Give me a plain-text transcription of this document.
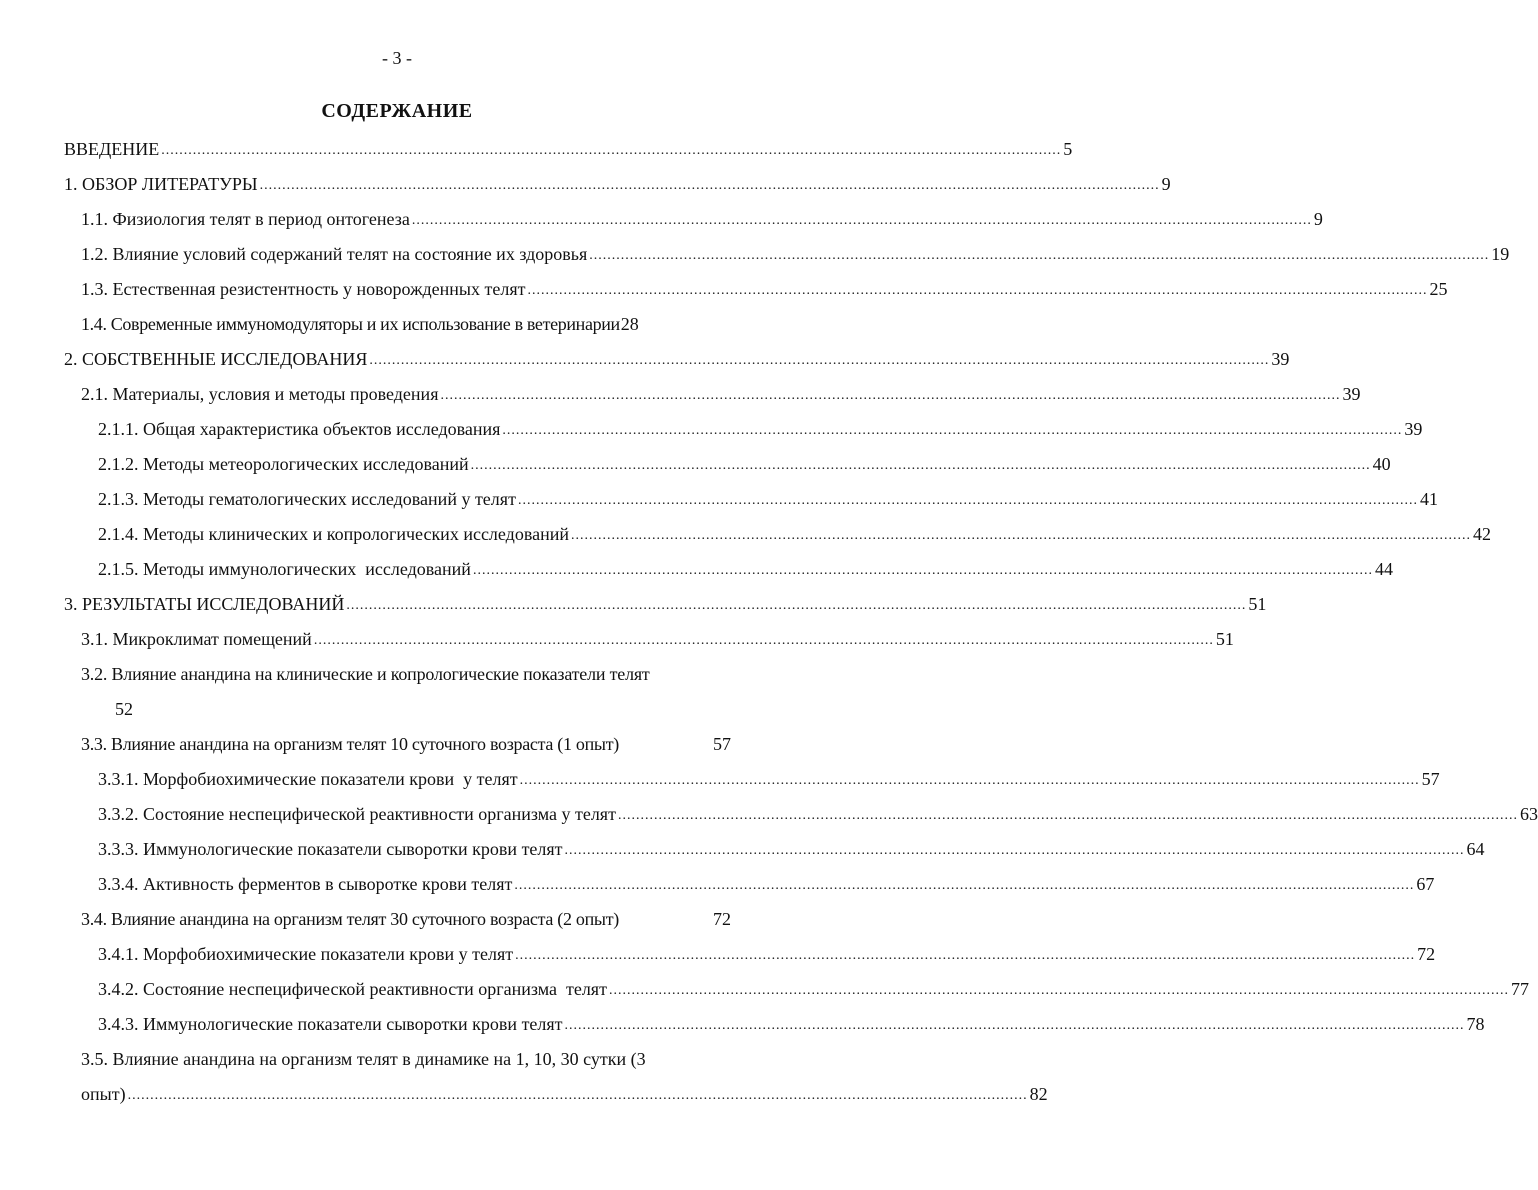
- 3 -
СОДЕРЖАНИЕ
ВВЕДЕНИЕ ........................................................................................................................................................................................................ 5
1. ОБЗОР ЛИТЕРАТУРЫ ........................................................................................................................................................................................................ 9
1.1. Физиология телят в период онтогенеза ........................................................................................................................................................................................................ 9
1.2. Влияние условий содержаний телят на состояние их здоровья ........................................................................................................................................................................................................ 19
1.3. Естественная резистентность у новорожденных телят ........................................................................................................................................................................................................ 25
1.4. Современные иммуномодуляторы и их использование в ветеринарии 28
2. СОБСТВЕННЫЕ ИССЛЕДОВАНИЯ ........................................................................................................................................................................................................ 39
2.1. Материалы, условия и методы проведения ........................................................................................................................................................................................................ 39
2.1.1. Общая характеристика объектов исследования ........................................................................................................................................................................................................ 39
2.1.2. Методы метеорологических исследований ........................................................................................................................................................................................................ 40
2.1.3. Методы гематологических исследований у телят ........................................................................................................................................................................................................ 41
2.1.4. Методы клинических и копрологических исследований ........................................................................................................................................................................................................ 42
2.1.5. Методы иммунологических  исследований ........................................................................................................................................................................................................ 44
3. РЕЗУЛЬТАТЫ ИССЛЕДОВАНИЙ ........................................................................................................................................................................................................ 51
3.1. Микроклимат помещений ........................................................................................................................................................................................................ 51
3.2. Влияние анандина на клинические и копрологические показатели телят
52
3.3. Влияние анандина на организм телят 10 суточного возраста (1 опыт)	57
3.3.1. Морфобиохимические показатели крови  у телят ........................................................................................................................................................................................................ 57
3.3.2. Состояние неспецифической реактивности организма у телят ........................................................................................................................................................................................................ 63
3.3.3. Иммунологические показатели сыворотки крови телят ........................................................................................................................................................................................................ 64
3.3.4. Активность ферментов в сыворотке крови телят ........................................................................................................................................................................................................ 67
3.4. Влияние анандина на организм телят 30 суточного возраста (2 опыт)	72
3.4.1. Морфобиохимические показатели крови у телят ........................................................................................................................................................................................................ 72
3.4.2. Состояние неспецифической реактивности организма  телят ........................................................................................................................................................................................................ 77
3.4.3. Иммунологические показатели сыворотки крови телят ........................................................................................................................................................................................................ 78
3.5. Влияние анандина на организм телят в динамике на 1, 10, 30 сутки (3
опыт) ........................................................................................................................................................................................................ 82
